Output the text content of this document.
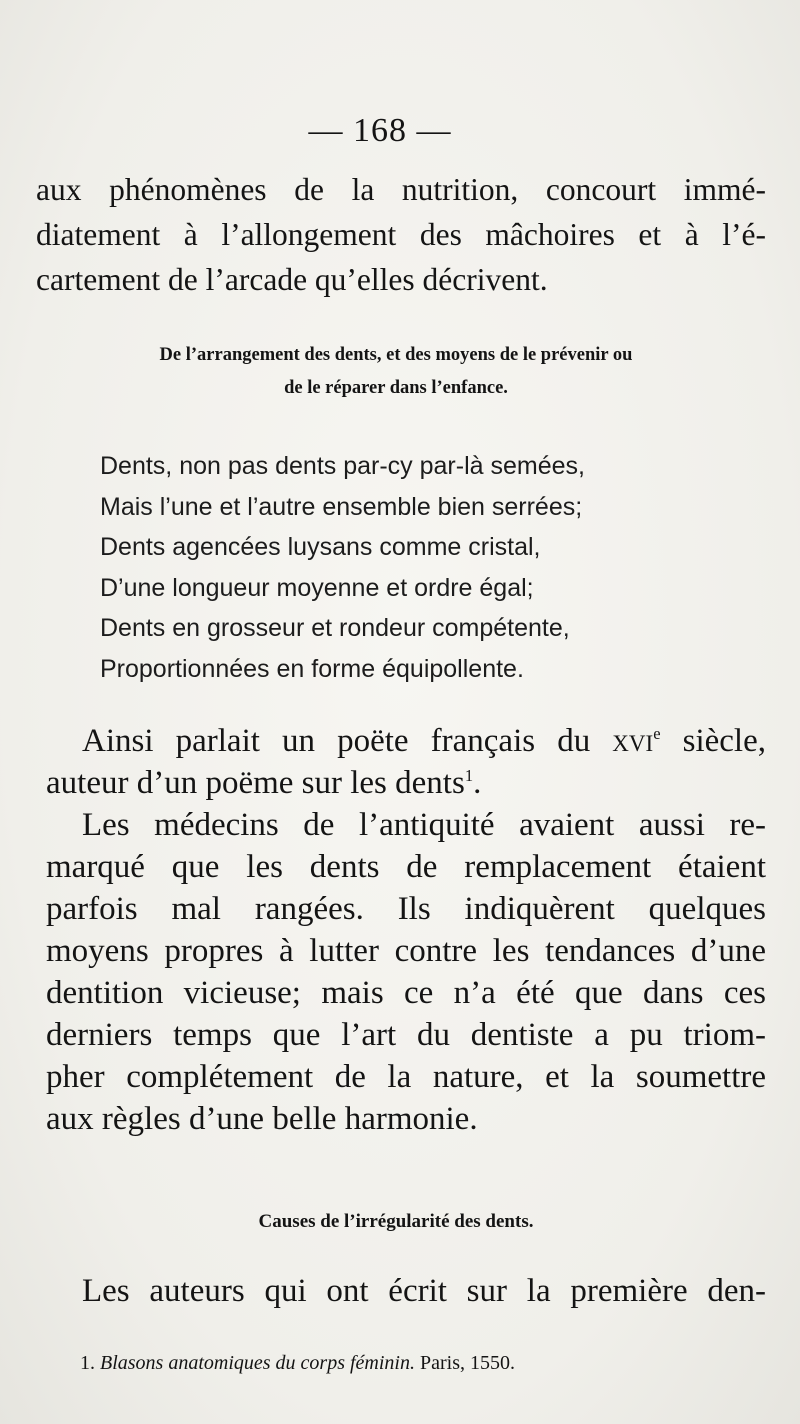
— 168 —

aux phénomènes de la nutrition, concourt immé-

diatement à l’allongement des mâchoires et à l’é-

cartement de l’arcade qu’elles décrivent.

De l’arrangement des dents, et des moyens de le prévenir ou
de le réparer dans l’enfance.
Dents, non pas dents par-cy par-là semées,
Mais l’une et l’autre ensemble bien serrées;
Dents agencées luysans comme cristal,
D’une longueur moyenne et ordre égal;
Dents en grosseur et rondeur compétente,
Proportionnées en forme équipollente.

Ainsi parlait un poëte français du xvi$^e$ siècle,

auteur d’un poëme sur les dents$^1$.

Les médecins de l’antiquité avaient aussi re-

marqué que les dents de remplacement étaient

parfois mal rangées. Ils indiquèrent quelques

moyens propres à lutter contre les tendances d’une

dentition vicieuse; mais ce n’a été que dans ces

derniers temps que l’art du dentiste a pu triom-

pher complétement de la nature, et la soumettre

aux règles d’une belle harmonie.

Causes de l’irrégularité des dents.

Les auteurs qui ont écrit sur la première den-

1. Blasons anatomiques du corps féminin. Paris, 1550.
